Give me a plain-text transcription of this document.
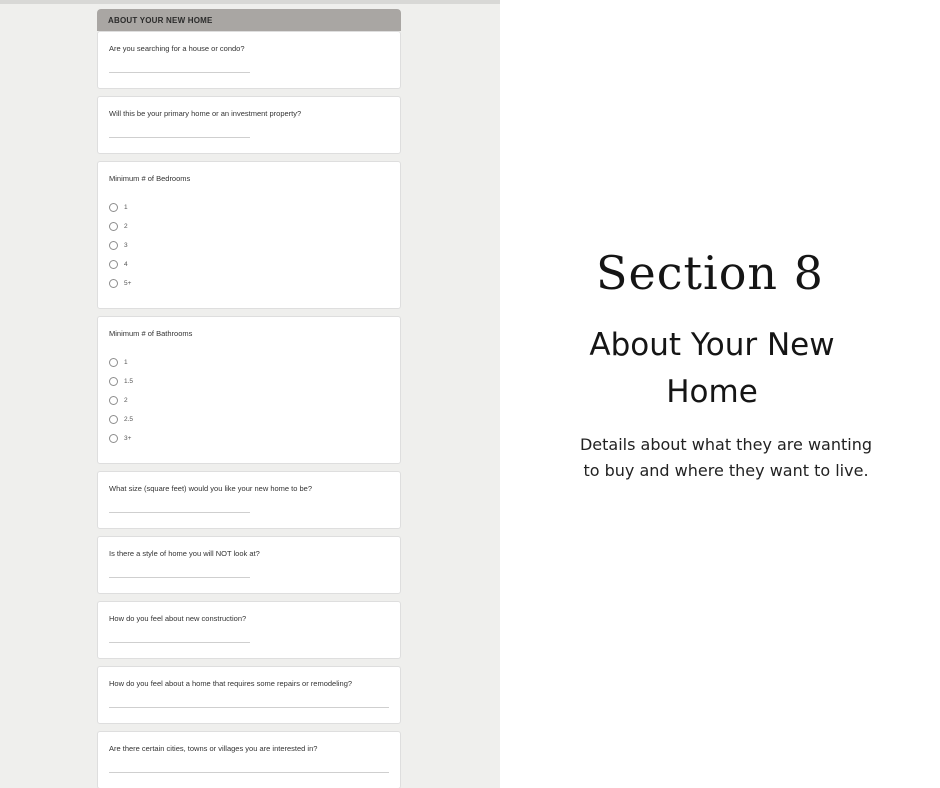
ABOUT YOUR NEW HOME
Are you searching for a house or condo?
Will this be your primary home or an investment property?
Minimum # of Bedrooms
1
2
3
4
5+
Minimum # of Bathrooms
1
1.5
2
2.5
3+
What size (square feet) would you like your new home to be?
Is there a style of home you will NOT look at?
How do you feel about new construction?
How do you feel about a home that requires some repairs or remodeling?
Are there certain cities, towns or villages you are interested in?
Section 8
About Your New Home
Details about what they are wanting to buy and where they want to live.
